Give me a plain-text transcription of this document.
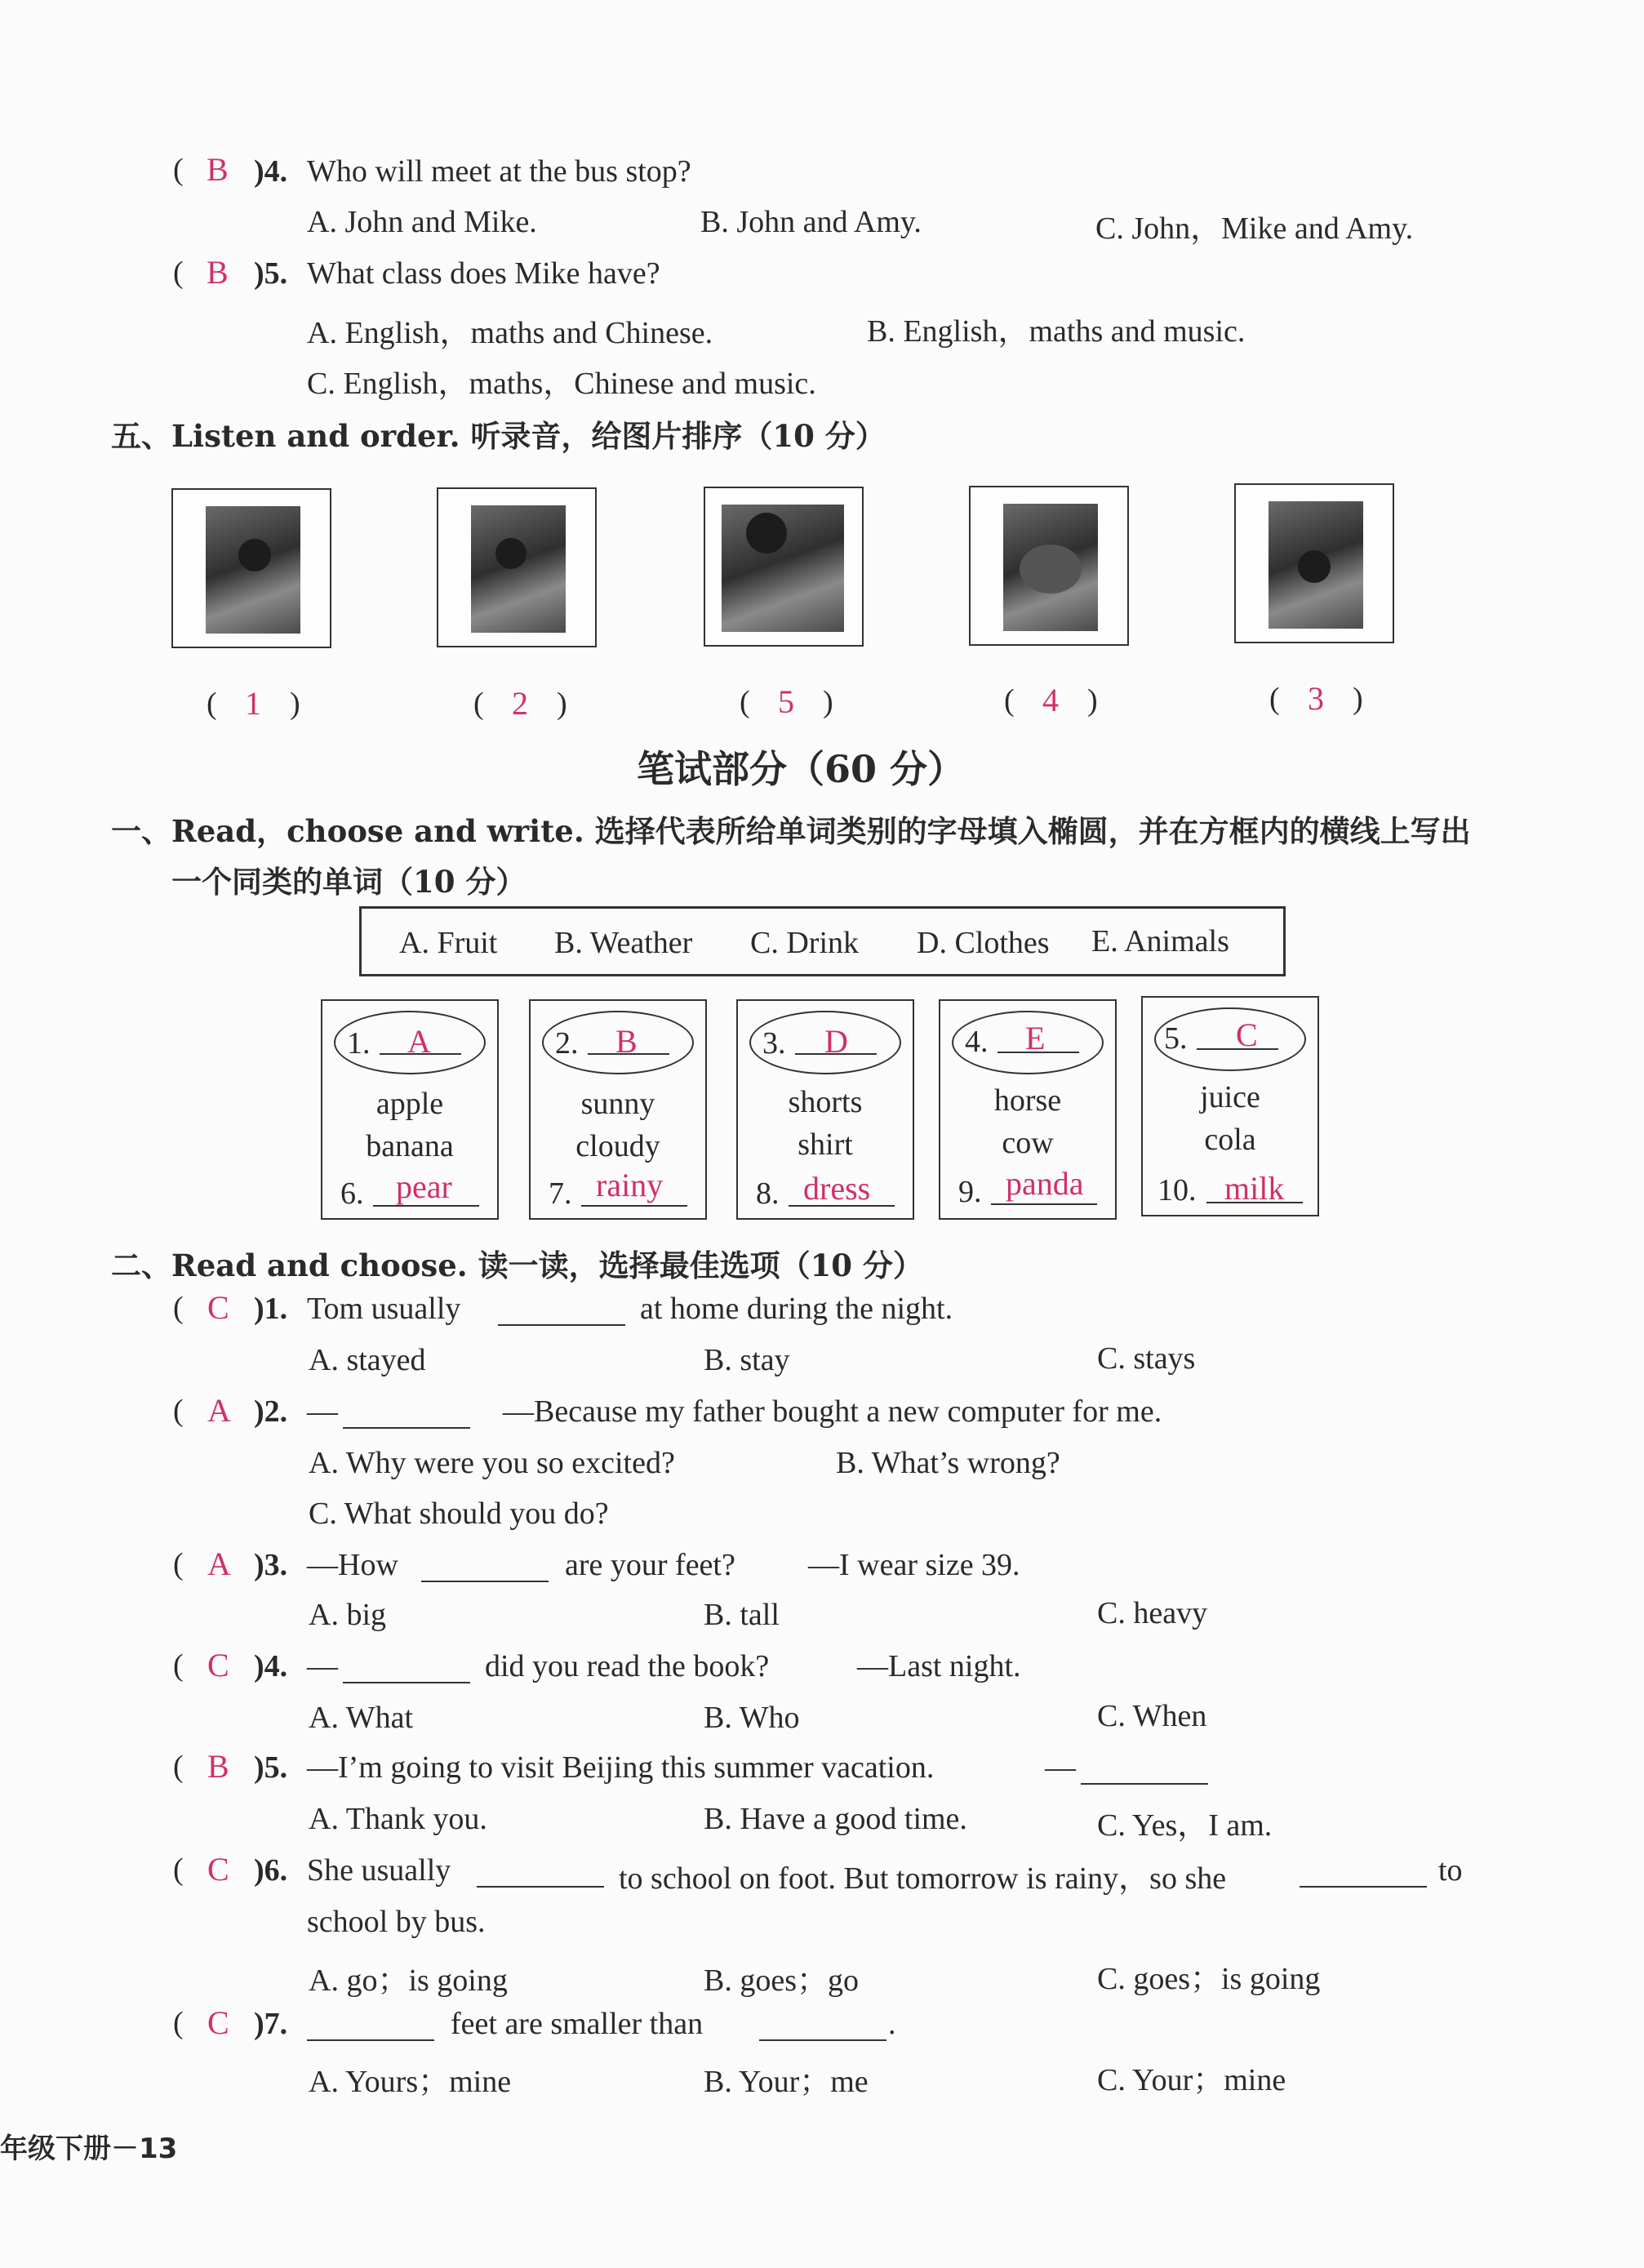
( B )4. Who will meet at the bus stop?
A. John and Mike.	B. John and Amy.	C. John，Mike and Amy.
( B )5. What class does Mike have?
A. English，maths and Chinese.	B. English，maths and music.
C. English，maths，Chinese and music.
五、Listen and order. 听录音，给图片排序（10 分）
( 1 )	( 2 )	( 5 )	( 4 )	( 3 )
笔试部分（60 分）
一、Read，choose and write. 选择代表所给单词类别的字母填入椭圆，并在方框内的横线上写出
一个同类的单词（10 分）
A. Fruit B. Weather C. Drink D. Clothes E. Animals
1. A
apple
banana
6. pear
2. B
sunny
cloudy
7. rainy
3. D
shorts
shirt
8. dress
4. E
horse
cow
9. panda
5. C
juice
cola
10. milk
二、Read and choose. 读一读，选择最佳选项（10 分）
( C )1. Tom usually	at home during the night.
A. stayed	B. stay	C. stays
( A )2. —	—Because my father bought a new computer for me.
A. Why were you so excited?	B. What’s wrong?
C. What should you do?
( A )3. —How	are your feet? —I wear size 39.
A. big	B. tall	C. heavy
( C )4. —	did you read the book?	—Last night.
A. What	B. Who	C. When
( B )5. —I’m going to visit Beijing this summer vacation.	—
A. Thank you.	B. Have a good time.	C. Yes，I am.
( C )6. She usually	to school on foot. But tomorrow is rainy，so she	to
school by bus.
A. go；is going	B. goes；go	C. goes；is going
( C )7.	feet are smaller than	.
A. Yours；mine	B. Your；me	C. Your；mine
年级下册－13
